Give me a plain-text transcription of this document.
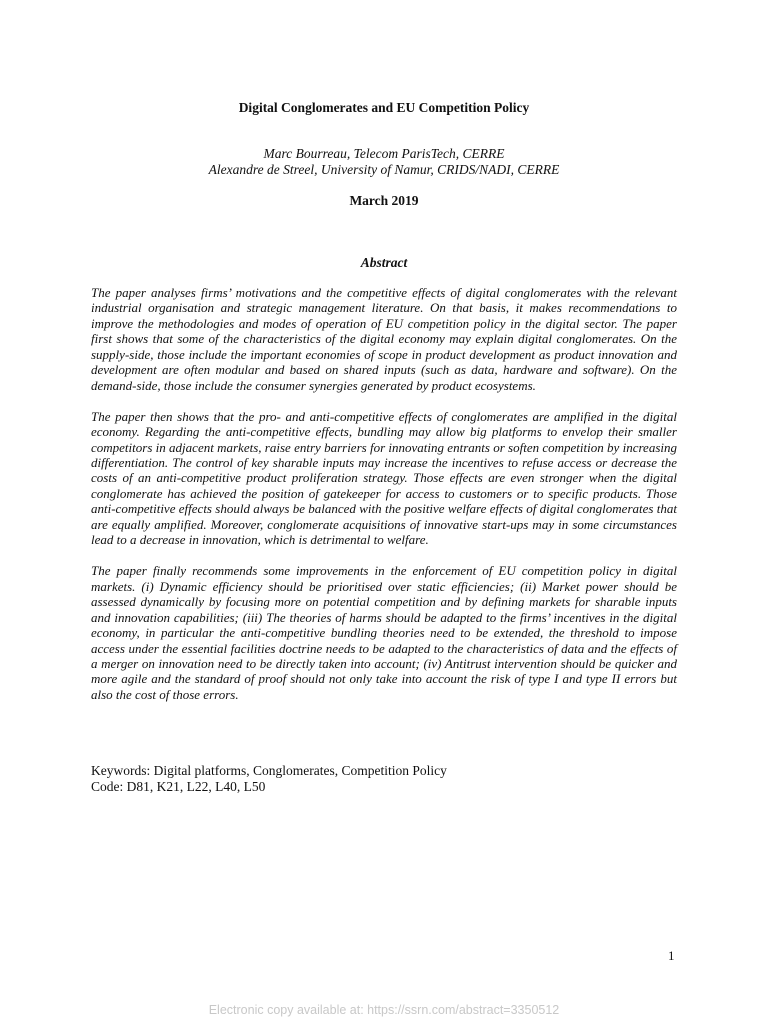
Digital Conglomerates and EU Competition Policy
Marc Bourreau, Telecom ParisTech, CERRE
Alexandre de Streel, University of Namur, CRIDS/NADI, CERRE
March 2019
Abstract

The paper analyses firms’ motivations and the competitive effects of digital conglomerates with the relevant industrial organisation and strategic management literature. On that basis, it makes recommendations to improve the methodologies and modes of operation of EU competition policy in the digital sector. The paper first shows that some of the characteristics of the digital economy may explain digital conglomerates. On the supply-side, those include the important economies of scope in product development as product innovation and development are often modular and based on shared inputs (such as data, hardware and software). On the demand-side, those include the consumer synergies generated by product ecosystems.

The paper then shows that the pro- and anti-competitive effects of conglomerates are amplified in the digital economy. Regarding the anti-competitive effects, bundling may allow big platforms to envelop their smaller competitors in adjacent markets, raise entry barriers for innovating entrants or soften competition by increasing differentiation. The control of key sharable inputs may increase the incentives to refuse access or decrease the costs of an anti-competitive product proliferation strategy. Those effects are even stronger when the digital conglomerate has achieved the position of gatekeeper for access to customers or to specific products. Those anti-competitive effects should always be balanced with the positive welfare effects of digital conglomerates that are equally amplified. Moreover, conglomerate acquisitions of innovative start-ups may in some circumstances lead to a decrease in innovation, which is detrimental to welfare.

The paper finally recommends some improvements in the enforcement of EU competition policy in digital markets. (i) Dynamic efficiency should be prioritised over static efficiencies; (ii) Market power should be assessed dynamically by focusing more on potential competition and by defining markets for sharable inputs and innovation capabilities; (iii) The theories of harms should be adapted to the firms’ incentives in the digital economy, in particular the anti-competitive bundling theories need to be extended, the threshold to impose access under the essential facilities doctrine needs to be adapted to the characteristics of data and the effects of a merger on innovation need to be directly taken into account; (iv) Antitrust intervention should be quicker and more agile and the standard of proof should not only take into account the risk of type I and type II errors but also the cost of those errors.

Keywords: Digital platforms, Conglomerates, Competition Policy
Code: D81, K21, L22, L40, L50
1
Electronic copy available at: https://ssrn.com/abstract=3350512
